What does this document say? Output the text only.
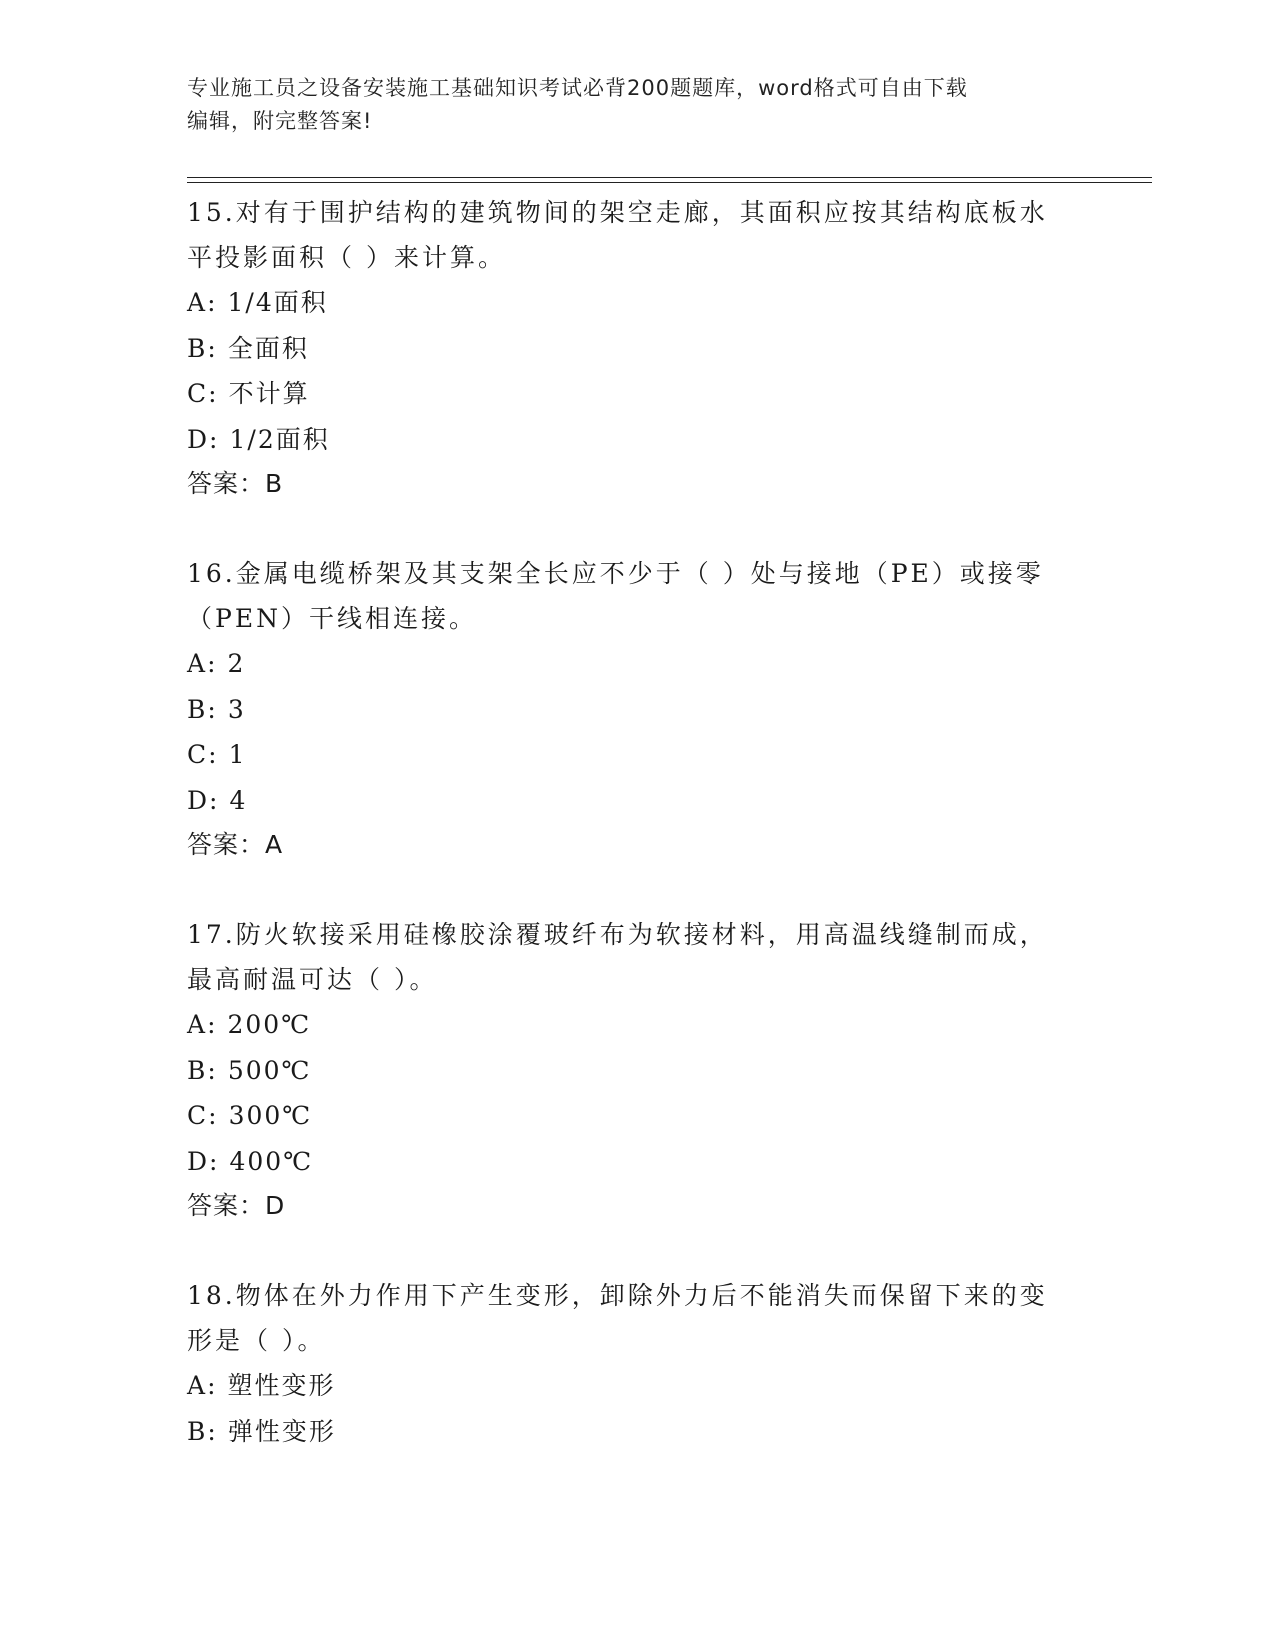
专业施工员之设备安装施工基础知识考试必背200题题库，word格式可自由下载
编辑，附完整答案!

15.对有于围护结构的建筑物间的架空走廊，其面积应按其结构底板水
平投影面积（ ）来计算。

A: 1/4面积

B: 全面积

C: 不计算

D: 1/2面积

答案：B

16.金属电缆桥架及其支架全长应不少于（ ）处与接地（PE）或接零
（PEN）干线相连接。

A: 2

B: 3

C: 1

D: 4

答案：A

17.防火软接采用硅橡胶涂覆玻纤布为软接材料，用高温线缝制而成，
最高耐温可达（ ）。

A: 200℃

B: 500℃

C: 300℃

D: 400℃

答案：D

18.物体在外力作用下产生变形，卸除外力后不能消失而保留下来的变
形是（ ）。

A: 塑性变形

B: 弹性变形
